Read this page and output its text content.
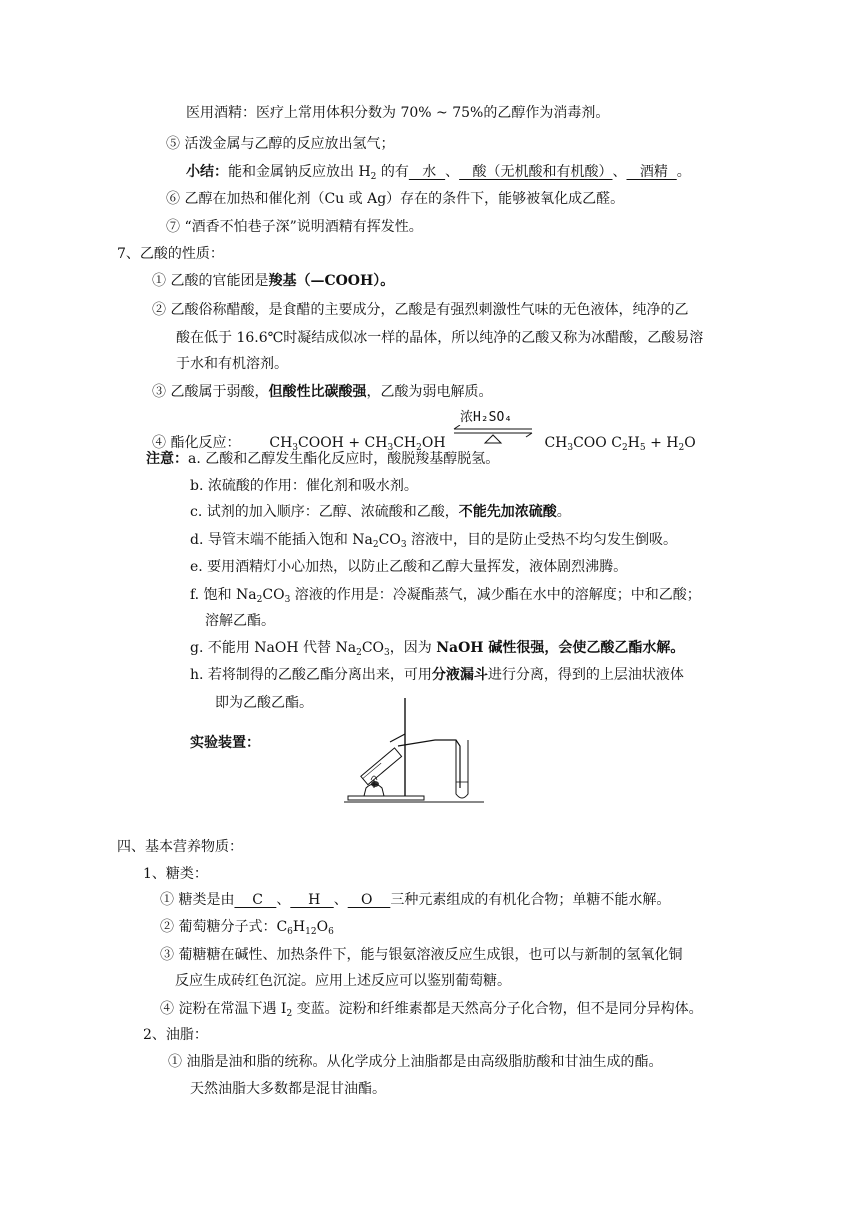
医用酒精：医疗上常用体积分数为 70% ~ 75%的乙醇作为消毒剂。
⑤ 活泼金属与乙醇的反应放出氢气；
小结：能和金属钠反应放出 $H_2$ 的有   水  、   酸（无机酸和有机酸）、   酒精  。
⑥ 乙醇在加热和催化剂（Cu 或 Ag）存在的条件下，能够被氧化成乙醛。
⑦ “酒香不怕巷子深”说明酒精有挥发性。
7、乙酸的性质：
① 乙酸的官能团是羧基（—COOH）。
② 乙酸俗称醋酸，是食醋的主要成分，乙酸是有强烈刺激性气味的无色液体，纯净的乙
酸在低于 16.6℃时凝结成似冰一样的晶体，所以纯净的乙酸又称为冰醋酸，乙酸易溶
于水和有机溶剂。
③ 乙酸属于弱酸，但酸性比碳酸强，乙酸为弱电解质。
④ 酯化反应： $CH_3COOH + CH_3CH_2OH$
浓H₂SO₄
$CH_3COO$ $C_2H_5 + H_2O$
注意：a. 乙酸和乙醇发生酯化反应时，酸脱羧基醇脱氢。
b. 浓硫酸的作用：催化剂和吸水剂。
c. 试剂的加入顺序：乙醇、浓硫酸和乙酸，不能先加浓硫酸。
d. 导管末端不能插入饱和 $Na_2CO_3$ 溶液中，目的是防止受热不均匀发生倒吸。
e. 要用酒精灯小心加热，以防止乙酸和乙醇大量挥发，液体剧烈沸腾。
f. 饱和 $Na_2CO_3$ 溶液的作用是：冷凝酯蒸气，减少酯在水中的溶解度；中和乙酸；
溶解乙酯。
g. 不能用 NaOH 代替 $Na_2CO_3$，因为 NaOH 碱性很强，会使乙酸乙酯水解。
h. 若将制得的乙酸乙酯分离出来，可用分液漏斗进行分离，得到的上层油状液体
即为乙酸乙酯。
实验装置：
四、基本营养物质：
1、糖类：
① 糖类是由    C   、    H   、   O    三种元素组成的有机化合物；单糖不能水解。
② 葡萄糖分子式：$C_6H_{12}O_6$
③ 葡糖糖在碱性、加热条件下，能与银氨溶液反应生成银，也可以与新制的氢氧化铜
反应生成砖红色沉淀。应用上述反应可以鉴别葡萄糖。
④ 淀粉在常温下遇 $I_2$ 变蓝。淀粉和纤维素都是天然高分子化合物，但不是同分异构体。
2、油脂：
① 油脂是油和脂的统称。从化学成分上油脂都是由高级脂肪酸和甘油生成的酯。
天然油脂大多数都是混甘油酯。
